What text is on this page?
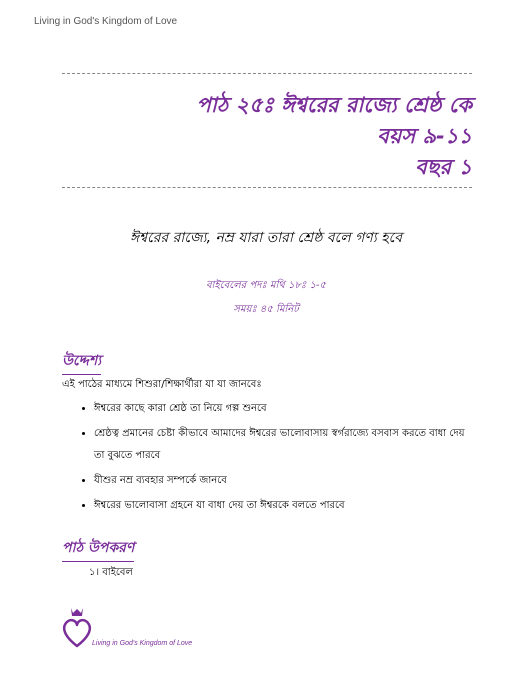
Living in God's Kingdom of Love
পাঠ ২৫ঃ ঈশ্বরের রাজ্যে শ্রেষ্ঠ কে
বয়স ৯-১১
বছর ১
ঈশ্বরের রাজ্যে, নম্র যারা তারা শ্রেষ্ঠ বলে গণ্য হবে
বাইবেলের পদঃ মথি ১৮ঃ ১-৫
সময়ঃ ৪৫ মিনিট
উদ্দেশ্য
এই পাঠের মাধ্যমে শিশুরা/শিক্ষার্থীরা যা যা জানবেঃ
• ঈশ্বরের কাছে কারা শ্রেষ্ঠ তা নিয়ে গল্প শুনবে
• শ্রেষ্ঠত্ব প্রমানের চেষ্টা কীভাবে আমাদের ঈশ্বরের ভালোবাসায় স্বর্গরাজ্যে বসবাস করতে বাধা দেয় তা বুঝতে পারবে
• যীশুর নম্র ব্যবহার সম্পর্কে জানবে
• ঈশ্বরের ভালোবাসা গ্রহনে যা বাধা দেয় তা ঈশ্বরকে বলতে পারবে
পাঠ উপকরণ
১। বাইবেল
Living in God's Kingdom of Love
